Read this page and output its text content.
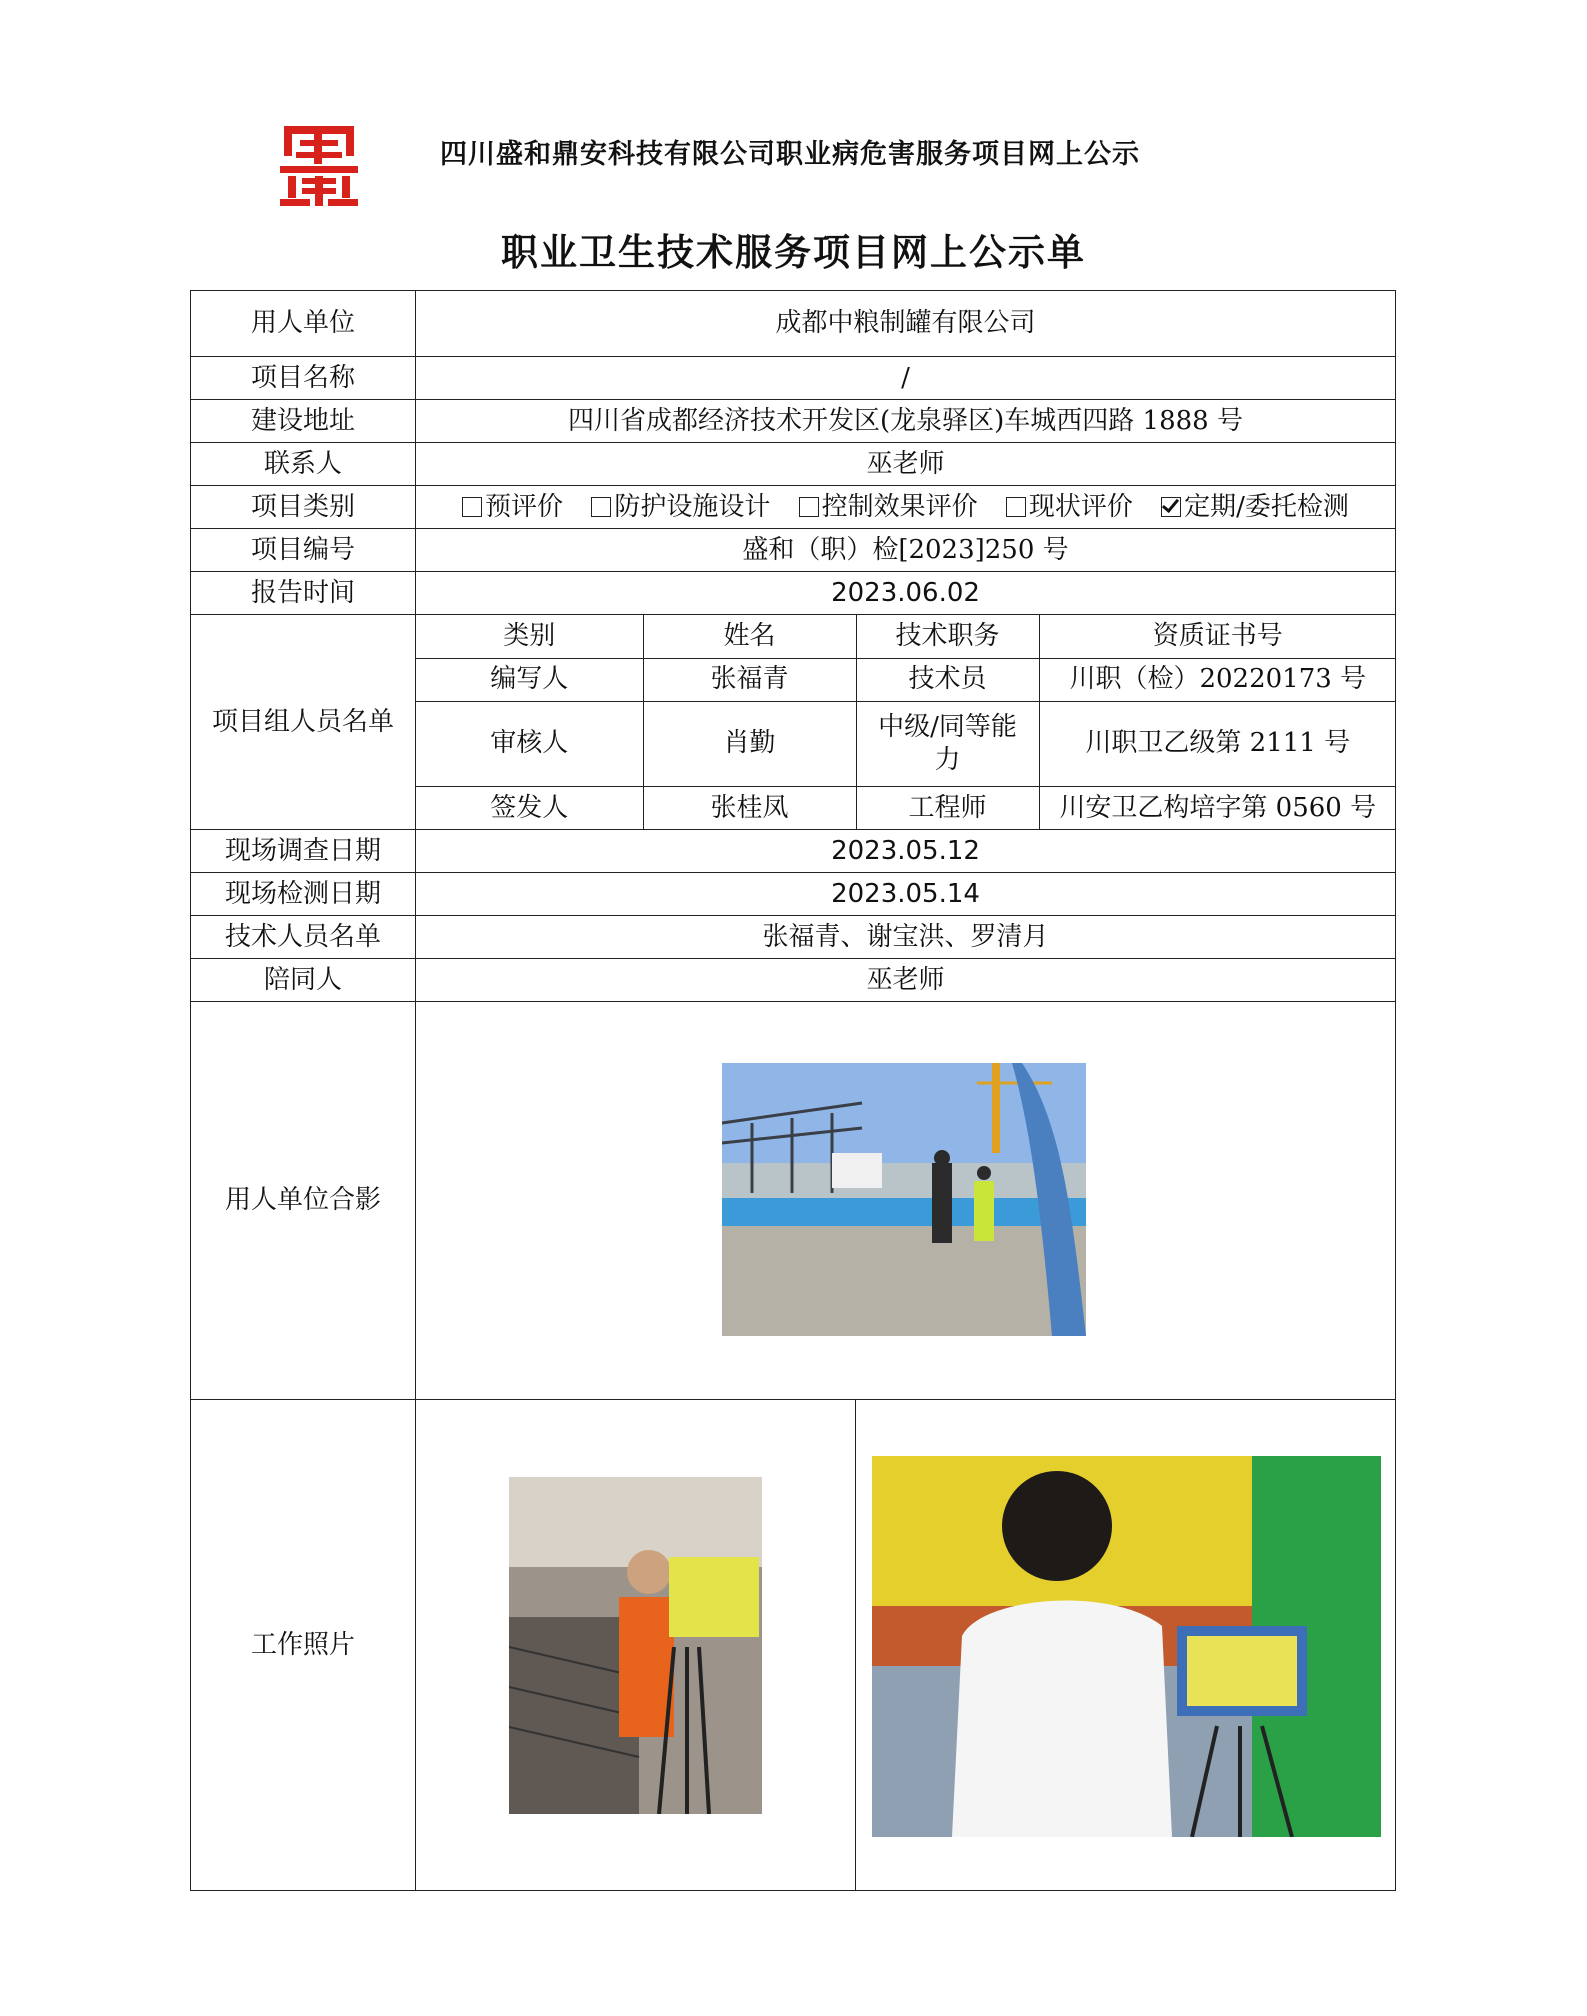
四川盛和鼎安科技有限公司职业病危害服务项目网上公示
职业卫生技术服务项目网上公示单
用人单位	成都中粮制罐有限公司
项目名称	/
建设地址	四川省成都经济技术开发区(龙泉驿区)车城西四路 1888 号
联系人	巫老师
项目类别	预评价 防护设施设计 控制效果评价 现状评价 定期/委托检测
项目编号	盛和（职）检[2023]250 号
报告时间	2023.06.02
项目组人员名单	
类别	姓名	技术职务	资质证书号
编写人	张福青	技术员	川职（检）20220173 号
审核人	肖勤	中级/同等能力	川职卫乙级第 2111 号
签发人	张桂凤	工程师	川安卫乙构培字第 0560 号

现场调查日期	2023.05.12
现场检测日期	2023.05.14
技术人员名单	张福青、谢宝洪、罗清月
陪同人	巫老师
用人单位合影	

工作照片	
